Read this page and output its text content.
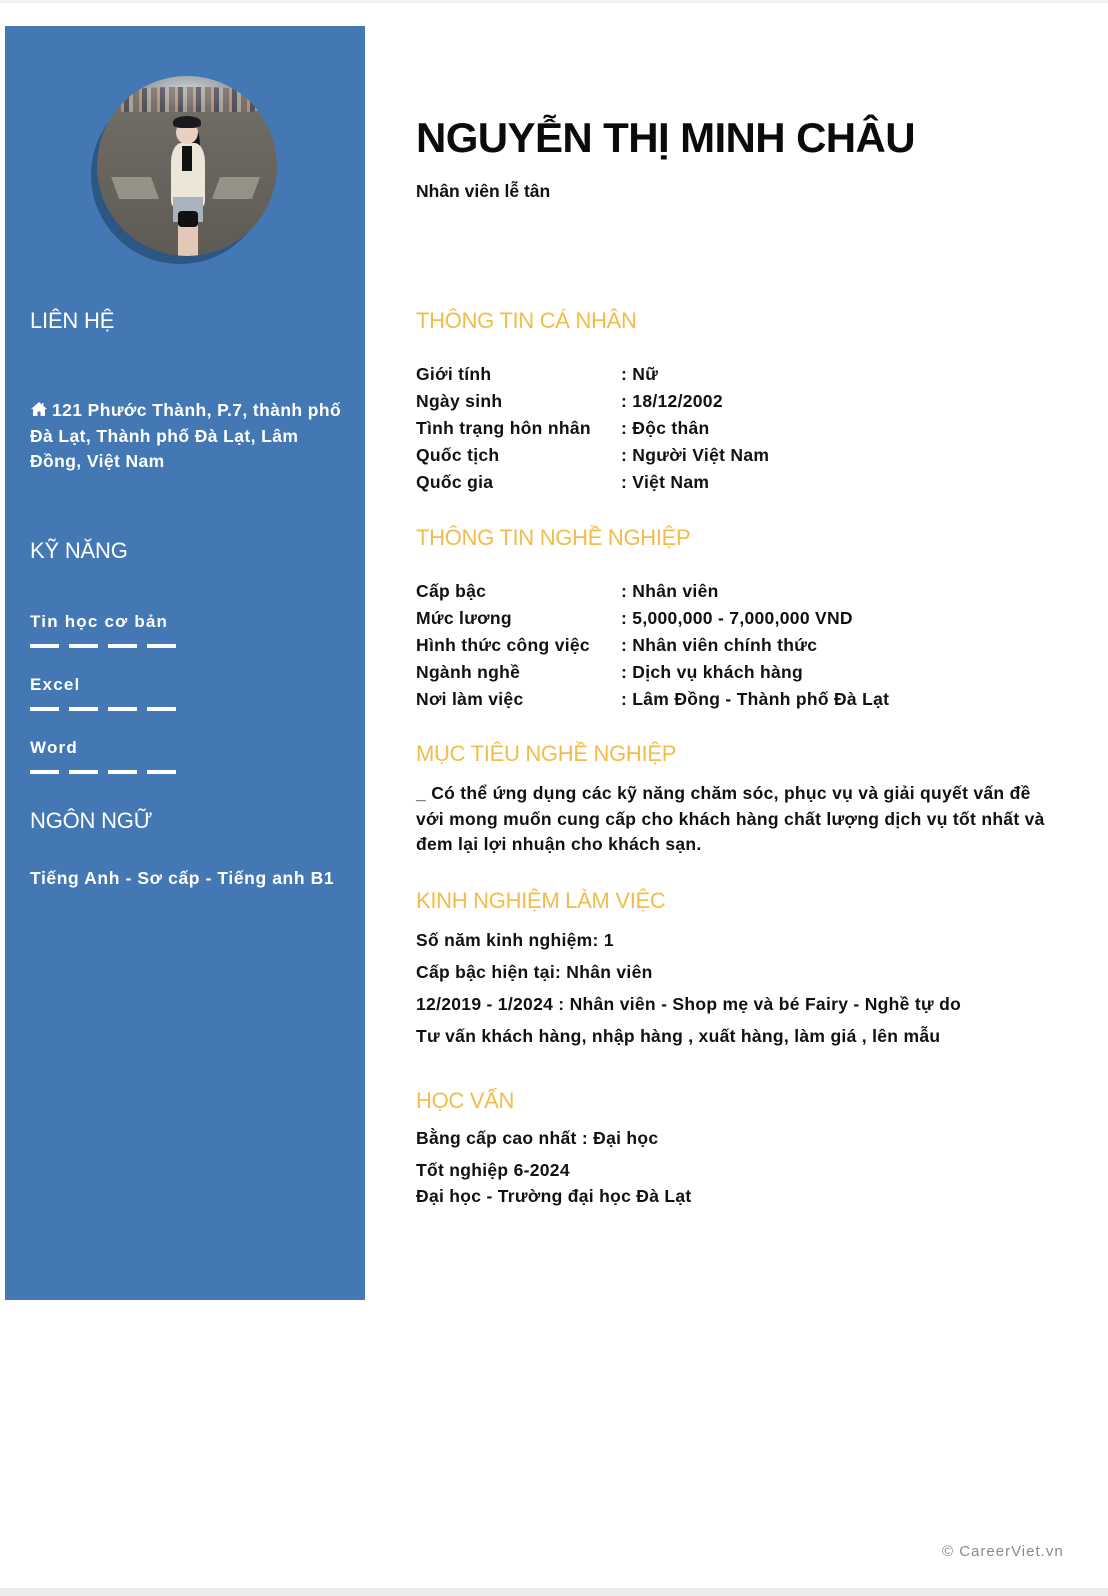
LIÊN HỆ
121 Phước Thành, P.7, thành phố Đà Lạt, Thành phố Đà Lạt, Lâm Đồng, Việt Nam
KỸ NĂNG
Tin học cơ bản
Excel
Word
NGÔN NGỮ
Tiếng Anh - Sơ cấp - Tiếng anh B1
NGUYỄN THỊ MINH CHÂU
Nhân viên lễ tân
THÔNG TIN CÁ NHÂN
Giới tính	: Nữ
Ngày sinh	: 18/12/2002
Tình trạng hôn nhân	: Độc thân
Quốc tịch	: Người Việt Nam
Quốc gia	: Việt Nam
THÔNG TIN NGHỀ NGHIỆP
Cấp bậc	: Nhân viên
Mức lương	: 5,000,000 - 7,000,000 VND
Hình thức công việc	: Nhân viên chính thức
Ngành nghề	: Dịch vụ khách hàng
Nơi làm việc	: Lâm Đồng - Thành phố Đà Lạt
MỤC TIÊU NGHỀ NGHIỆP

_ Có thể ứng dụng các kỹ năng chăm sóc, phục vụ và giải quyết vấn đề với mong muốn cung cấp cho khách hàng chất lượng dịch vụ tốt nhất và đem lại lợi nhuận cho khách sạn.

KINH NGHIỆM LÀM VIỆC
Số năm kinh nghiệm: 1
Cấp bậc hiện tại: Nhân viên
12/2019 - 1/2024 : Nhân viên - Shop mẹ và bé Fairy - Nghề tự do
Tư vấn khách hàng, nhập hàng , xuất hàng, làm giá , lên mẫu
HỌC VẤN
Bằng cấp cao nhất : Đại học
Tốt nghiệp 6-2024
Đại học - Trường đại học Đà Lạt
© CareerViet.vn
